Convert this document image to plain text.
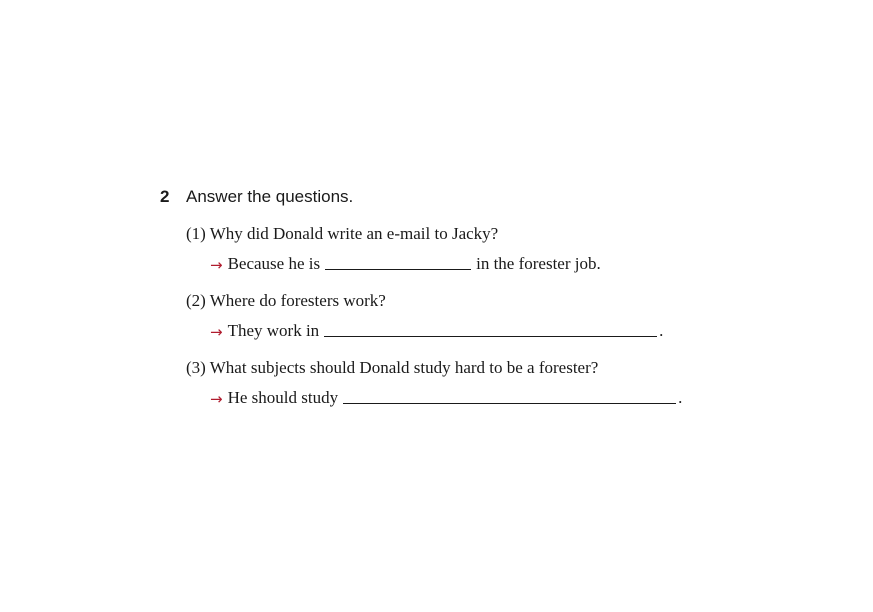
2 Answer the questions.
(1) Why did Donald write an e-mail to Jacky?
→ Because he is	in the forester job.
(2) Where do foresters work?
→ They work in	.
(3) What subjects should Donald study hard to be a forester?
→ He should study	.
